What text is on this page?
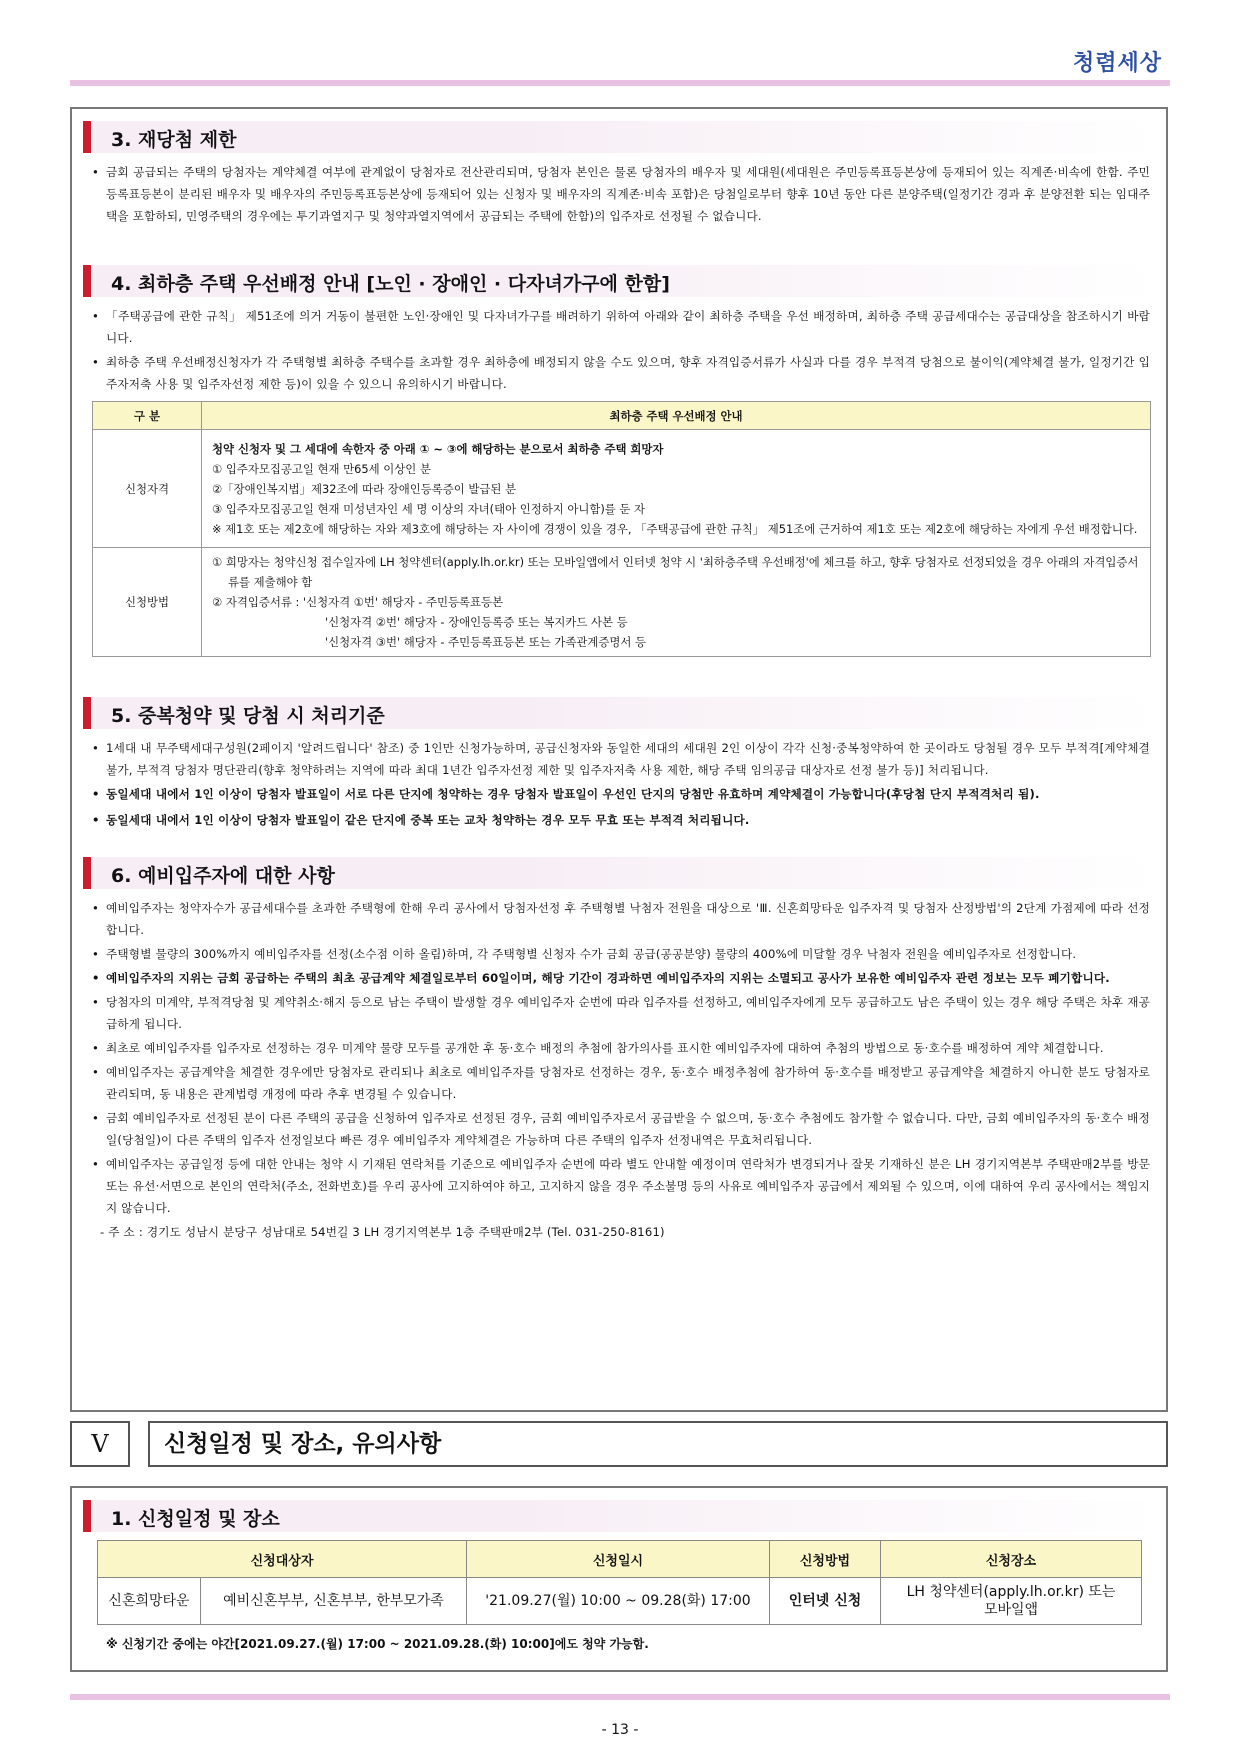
청렴세상
3. 재당첨 제한
• 금회 공급되는 주택의 당첨자는 계약체결 여부에 관계없이 당첨자로 전산관리되며, 당첨자 본인은 물론 당첨자의 배우자 및 세대원(세대원은 주민등록표등본상에 등재되어 있는 직계존·비속에 한함. 주민등록표등본이 분리된 배우자 및 배우자의 주민등록표등본상에 등재되어 있는 신청자 및 배우자의 직계존·비속 포함)은 당첨일로부터 향후 10년 동안 다른 분양주택(일정기간 경과 후 분양전환 되는 임대주택을 포함하되, 민영주택의 경우에는 투기과열지구 및 청약과열지역에서 공급되는 주택에 한함)의 입주자로 선정될 수 없습니다.
4. 최하층 주택 우선배정 안내 [노인 · 장애인 · 다자녀가구에 한함]
• 「주택공급에 관한 규칙」 제51조에 의거 거동이 불편한 노인·장애인 및 다자녀가구를 배려하기 위하여 아래와 같이 최하층 주택을 우선 배정하며, 최하층 주택 공급세대수는 공급대상을 참조하시기 바랍니다.
• 최하층 주택 우선배정신청자가 각 주택형별 최하층 주택수를 초과할 경우 최하층에 배정되지 않을 수도 있으며, 향후 자격입증서류가 사실과 다를 경우 부적격 당첨으로 불이익(계약체결 불가, 일정기간 입주자저축 사용 및 입주자선정 제한 등)이 있을 수 있으니 유의하시기 바랍니다.
구 분	최하층 주택 우선배정 안내
신청자격	청약 신청자 및 그 세대에 속한자 중 아래 ① ~ ③에 해당하는 분으로서 최하층 주택 희망자
① 입주자모집공고일 현재 만65세 이상인 분
②「장애인복지법」제32조에 따라 장애인등록증이 발급된 분
③ 입주자모집공고일 현재 미성년자인 세 명 이상의 자녀(태아 인정하지 아니함)를 둔 자
※ 제1호 또는 제2호에 해당하는 자와 제3호에 해당하는 자 사이에 경쟁이 있을 경우, 「주택공급에 관한 규칙」 제51조에 근거하여 제1호 또는 제2호에 해당하는 자에게 우선 배정합니다.

신청방법	① 희망자는 청약신청 접수일자에 LH 청약센터(apply.lh.or.kr) 또는 모바일앱에서 인터넷 청약 시 '최하층주택 우선배정'에 체크를 하고, 향후 당첨자로 선정되었을 경우 아래의 자격입증서류를 제출해야 함
② 자격입증서류 : '신청자격 ①번' 해당자 - 주민등록표등본
'신청자격 ②번' 해당자 - 장애인등록증 또는 복지카드 사본 등
'신청자격 ③번' 해당자 - 주민등록표등본 또는 가족관계증명서 등
5. 중복청약 및 당첨 시 처리기준
• 1세대 내 무주택세대구성원(2페이지 '알려드립니다' 참조) 중 1인만 신청가능하며, 공급신청자와 동일한 세대의 세대원 2인 이상이 각각 신청·중복청약하여 한 곳이라도 당첨될 경우 모두 부적격[계약체결 불가, 부적격 당첨자 명단관리(향후 청약하려는 지역에 따라 최대 1년간 입주자선정 제한 및 입주자저축 사용 제한, 해당 주택 임의공급 대상자로 선정 불가 등)] 처리됩니다.
• 동일세대 내에서 1인 이상이 당첨자 발표일이 서로 다른 단지에 청약하는 경우 당첨자 발표일이 우선인 단지의 당첨만 유효하며 계약체결이 가능합니다(후당첨 단지 부적격처리 됨).
• 동일세대 내에서 1인 이상이 당첨자 발표일이 같은 단지에 중복 또는 교차 청약하는 경우 모두 무효 또는 부적격 처리됩니다.
6. 예비입주자에 대한 사항
• 예비입주자는 청약자수가 공급세대수를 초과한 주택형에 한해 우리 공사에서 당첨자선정 후 주택형별 낙첨자 전원을 대상으로 'Ⅲ. 신혼희망타운 입주자격 및 당첨자 산정방법'의 2단계 가점제에 따라 선정합니다.
• 주택형별 물량의 300%까지 예비입주자를 선정(소수점 이하 올림)하며, 각 주택형별 신청자 수가 금회 공급(공공분양) 물량의 400%에 미달할 경우 낙첨자 전원을 예비입주자로 선정합니다.
• 예비입주자의 지위는 금회 공급하는 주택의 최초 공급계약 체결일로부터 60일이며, 해당 기간이 경과하면 예비입주자의 지위는 소멸되고 공사가 보유한 예비입주자 관련 정보는 모두 폐기합니다.
• 당첨자의 미계약, 부적격당첨 및 계약취소·해지 등으로 남는 주택이 발생할 경우 예비입주자 순번에 따라 입주자를 선정하고, 예비입주자에게 모두 공급하고도 남은 주택이 있는 경우 해당 주택은 차후 재공급하게 됩니다.
• 최초로 예비입주자를 입주자로 선정하는 경우 미계약 물량 모두를 공개한 후 동·호수 배정의 추첨에 참가의사를 표시한 예비입주자에 대하여 추첨의 방법으로 동·호수를 배정하여 계약 체결합니다.
• 예비입주자는 공급계약을 체결한 경우에만 당첨자로 관리되나 최초로 예비입주자를 당첨자로 선정하는 경우, 동·호수 배정추첨에 참가하여 동·호수를 배정받고 공급계약을 체결하지 아니한 분도 당첨자로 관리되며, 동 내용은 관계법령 개정에 따라 추후 변경될 수 있습니다.
• 금회 예비입주자로 선정된 분이 다른 주택의 공급을 신청하여 입주자로 선정된 경우, 금회 예비입주자로서 공급받을 수 없으며, 동·호수 추첨에도 참가할 수 없습니다. 다만, 금회 예비입주자의 동·호수 배정일(당첨일)이 다른 주택의 입주자 선정일보다 빠른 경우 예비입주자 계약체결은 가능하며 다른 주택의 입주자 선정내역은 무효처리됩니다.
• 예비입주자는 공급일정 등에 대한 안내는 청약 시 기재된 연락처를 기준으로 예비입주자 순번에 따라 별도 안내할 예정이며 연락처가 변경되거나 잘못 기재하신 분은 LH 경기지역본부 주택판매2부를 방문 또는 유선·서면으로 본인의 연락처(주소, 전화번호)를 우리 공사에 고지하여야 하고, 고지하지 않을 경우 주소불명 등의 사유로 예비입주자 공급에서 제외될 수 있으며, 이에 대하여 우리 공사에서는 책임지지 않습니다.
- 주 소 : 경기도 성남시 분당구 성남대로 54번길 3 LH 경기지역본부 1층 주택판매2부 (Tel. 031-250-8161)
V	신청일정 및 장소, 유의사항
1. 신청일정 및 장소
신청대상자		신청일시	신청방법	신청장소
신혼희망타운	예비신혼부부, 신혼부부, 한부모가족	'21.09.27(월) 10:00 ~ 09.28(화) 17:00	인터넷 신청	LH 청약센터(apply.lh.or.kr) 또는
모바일앱
※ 신청기간 중에는 야간[2021.09.27.(월) 17:00 ~ 2021.09.28.(화) 10:00]에도 청약 가능함.
- 13 -
